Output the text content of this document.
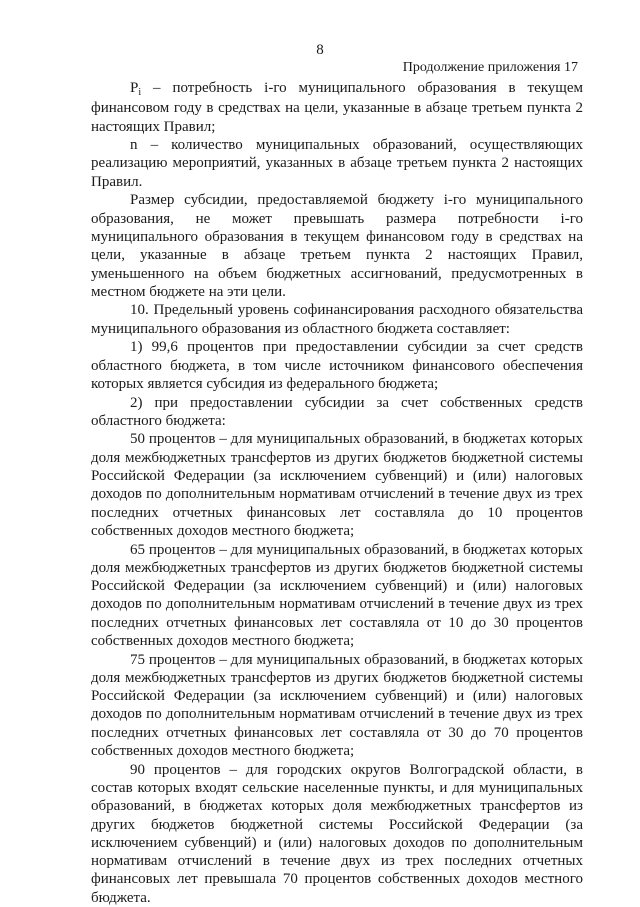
8
Продолжение приложения 17

$P_i$ – потребность i-го муниципального образования в текущем финансовом году в средствах на цели, указанные в абзаце третьем пункта 2 настоящих Правил;

n – количество муниципальных образований, осуществляющих реализацию мероприятий, указанных в абзаце третьем пункта 2 настоящих Правил.

Размер субсидии, предоставляемой бюджету i-го муниципального образования, не может превышать размера потребности i-го муниципального образования в текущем финансовом году в средствах на цели, указанные в абзаце третьем пункта 2 настоящих Правил, уменьшенного на объем бюджетных ассигнований, предусмотренных в местном бюджете на эти цели.

10. Предельный уровень софинансирования расходного обязательства муниципального образования из областного бюджета составляет:

1) 99,6 процентов при предоставлении субсидии за счет средств областного бюджета, в том числе источником финансового обеспечения которых является субсидия из федерального бюджета;

2) при предоставлении субсидии за счет собственных средств областного бюджета:

50 процентов – для муниципальных образований, в бюджетах которых доля межбюджетных трансфертов из других бюджетов бюджетной системы Российской Федерации (за исключением субвенций) и (или) налоговых доходов по дополнительным нормативам отчислений в течение двух из трех последних отчетных финансовых лет составляла до 10 процентов собственных доходов местного бюджета;

65 процентов – для муниципальных образований, в бюджетах которых доля межбюджетных трансфертов из других бюджетов бюджетной системы Российской Федерации (за исключением субвенций) и (или) налоговых доходов по дополнительным нормативам отчислений в течение двух из трех последних отчетных финансовых лет составляла от 10 до 30 процентов собственных доходов местного бюджета;

75 процентов – для муниципальных образований, в бюджетах которых доля межбюджетных трансфертов из других бюджетов бюджетной системы Российской Федерации (за исключением субвенций) и (или) налоговых доходов по дополнительным нормативам отчислений в течение двух из трех последних отчетных финансовых лет составляла от 30 до 70 процентов собственных доходов местного бюджета;

90 процентов – для городских округов Волгоградской области, в состав которых входят сельские населенные пункты, и для муниципальных образований, в бюджетах которых доля межбюджетных трансфертов из других бюджетов бюджетной системы Российской Федерации (за исключением субвенций) и (или) налоговых доходов по дополнительным нормативам отчислений в течение двух из трех последних отчетных финансовых лет превышала 70 процентов собственных доходов местного бюджета.
